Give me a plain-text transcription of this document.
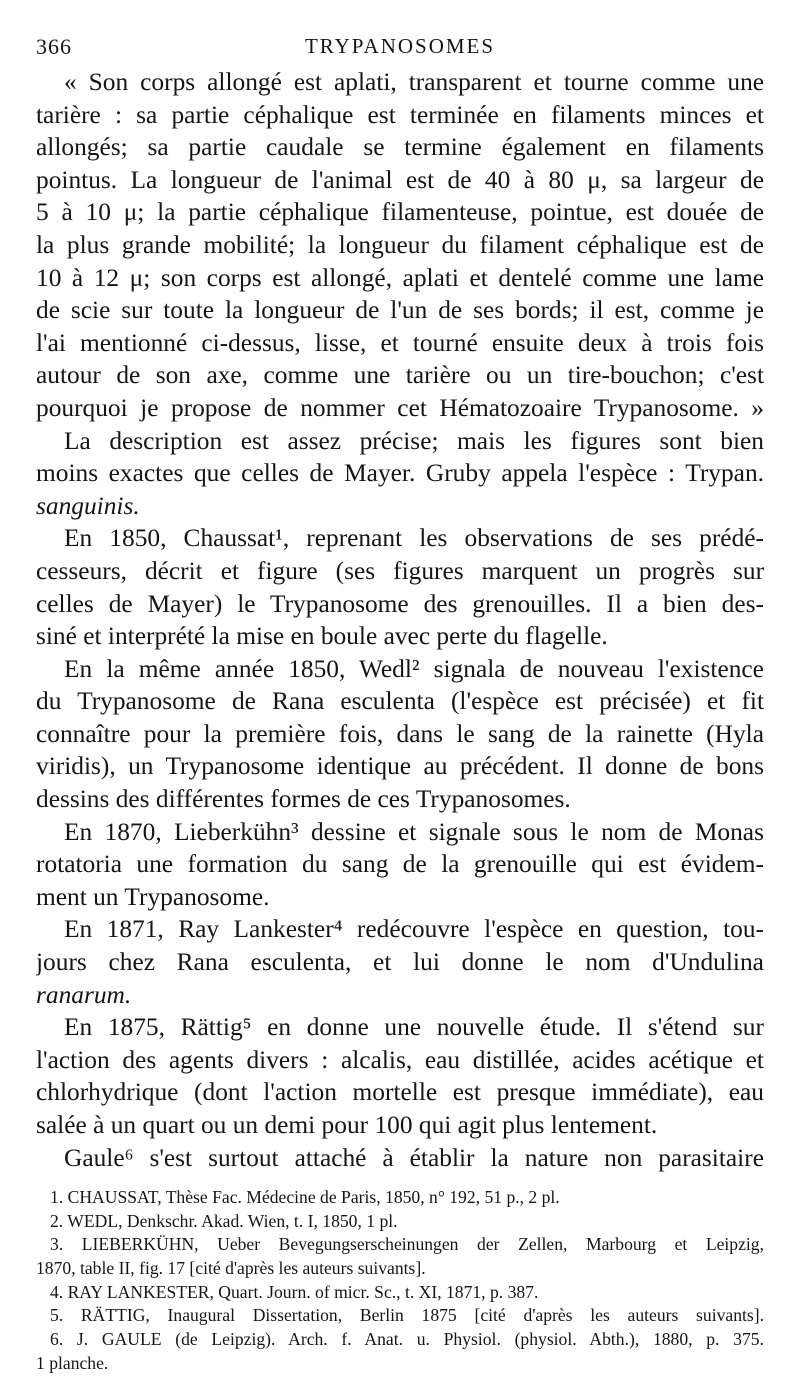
366	TRYPANOSOMES
« Son corps allongé est aplati, transparent et tourne comme une
tarière : sa partie céphalique est terminée en filaments minces et
allongés; sa partie caudale se termine également en filaments
pointus. La longueur de l'animal est de 40 à 80 μ, sa largeur de
5 à 10 μ; la partie céphalique filamenteuse, pointue, est douée de
la plus grande mobilité; la longueur du filament céphalique est de
10 à 12 μ; son corps est allongé, aplati et dentelé comme une lame
de scie sur toute la longueur de l'un de ses bords; il est, comme je
l'ai mentionné ci-dessus, lisse, et tourné ensuite deux à trois fois
autour de son axe, comme une tarière ou un tire-bouchon; c'est
pourquoi je propose de nommer cet Hématozoaire Trypanosome. »
La description est assez précise; mais les figures sont bien
moins exactes que celles de Mayer. Gruby appela l'espèce : Trypan.
sanguinis.
En 1850, Chaussat¹, reprenant les observations de ses prédé-
cesseurs, décrit et figure (ses figures marquent un progrès sur
celles de Mayer) le Trypanosome des grenouilles. Il a bien des-
siné et interprété la mise en boule avec perte du flagelle.
En la même année 1850, Wedl² signala de nouveau l'existence
du Trypanosome de Rana esculenta (l'espèce est précisée) et fit
connaître pour la première fois, dans le sang de la rainette (Hyla
viridis), un Trypanosome identique au précédent. Il donne de bons
dessins des différentes formes de ces Trypanosomes.
En 1870, Lieberkühn³ dessine et signale sous le nom de Monas
rotatoria une formation du sang de la grenouille qui est évidem-
ment un Trypanosome.
En 1871, Ray Lankester⁴ redécouvre l'espèce en question, tou-
jours chez Rana esculenta, et lui donne le nom d'Undulina
ranarum.
En 1875, Rättig⁵ en donne une nouvelle étude. Il s'étend sur
l'action des agents divers : alcalis, eau distillée, acides acétique et
chlorhydrique (dont l'action mortelle est presque immédiate), eau
salée à un quart ou un demi pour 100 qui agit plus lentement.
Gaule⁶ s'est surtout attaché à établir la nature non parasitaire
1. CHAUSSAT, Thèse Fac. Médecine de Paris, 1850, n° 192, 51 p., 2 pl.
2. WEDL, Denkschr. Akad. Wien, t. I, 1850, 1 pl.
3. LIEBERKÜHN, Ueber Bevegungserscheinungen der Zellen, Marbourg et Leipzig,
1870, table II, fig. 17 [cité d'après les auteurs suivants].
4. RAY LANKESTER, Quart. Journ. of micr. Sc., t. XI, 1871, p. 387.
5. RÄTTIG, Inaugural Dissertation, Berlin 1875 [cité d'après les auteurs suivants].
6. J. GAULE (de Leipzig). Arch. f. Anat. u. Physiol. (physiol. Abth.), 1880, p. 375.
1 planche.
